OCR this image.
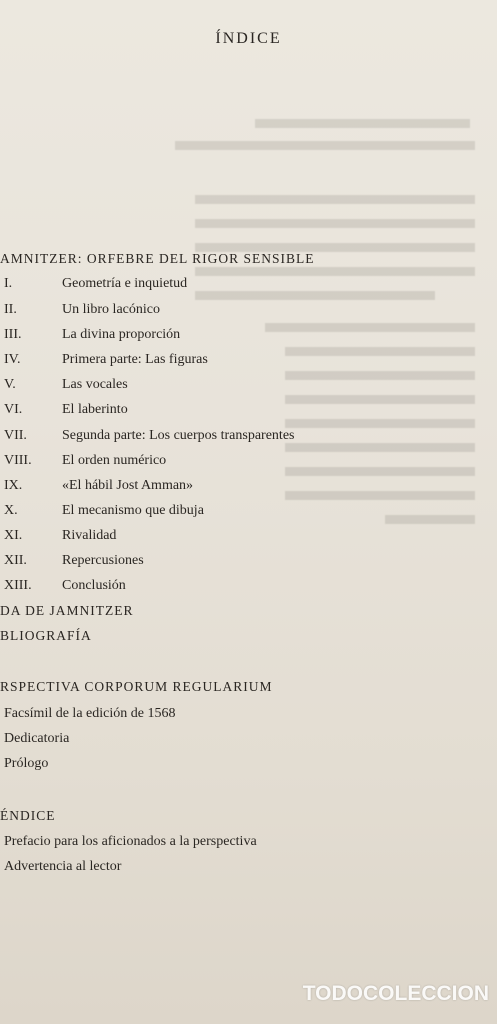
ÍNDICE
AMNITZER: ORFEBRE DEL RIGOR SENSIBLE
I.	Geometría e inquietud
II.	Un libro lacónico
III.	La divina proporción
IV.	Primera parte: Las figuras
V.	Las vocales
VI.	El laberinto
VII.	Segunda parte: Los cuerpos transparentes
VIII. El orden numérico
IX.	«El hábil Jost Amman»
X.	El mecanismo que dibuja
XI.	Rivalidad
XII.	Repercusiones
XIII. Conclusión
DA DE JAMNITZER
BLIOGRAFÍA
RSPECTIVA CORPORUM REGULARIUM
Facsímil de la edición de 1568
Dedicatoria
Prólogo
ÉNDICE
Prefacio para los aficionados a la perspectiva
Advertencia al lector
TODOCOLECCION
